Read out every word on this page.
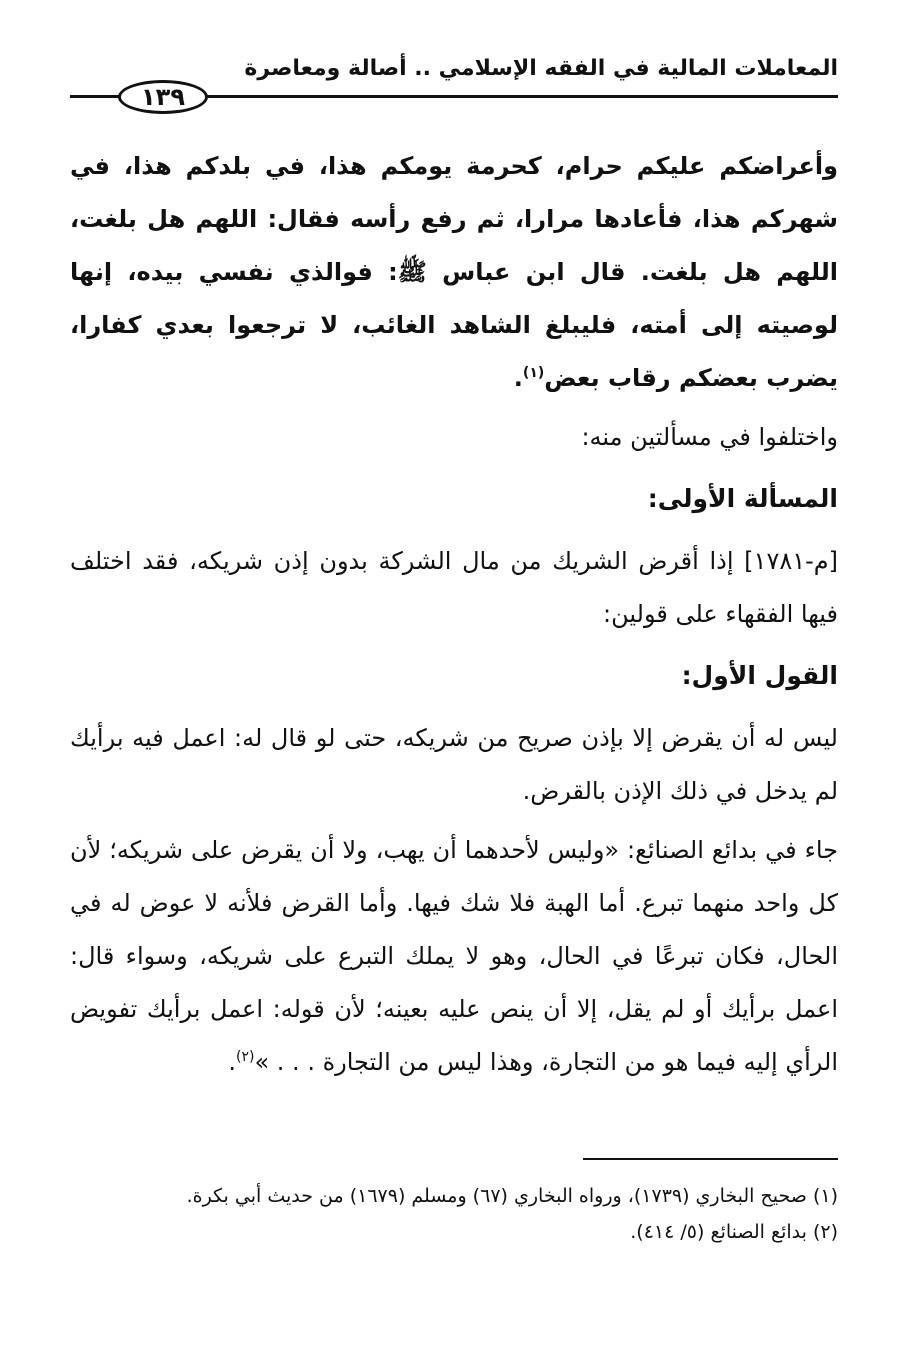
المعاملات المالية في الفقه الإسلامي .. أصالة ومعاصرة
١٣٩

وأعراضكم عليكم حرام، كحرمة يومكم هذا، في بلدكم هذا، في شهركم هذا، فأعادها مرارا، ثم رفع رأسه فقال: اللهم هل بلغت، اللهم هل بلغت. قال ابن عباس ﷺ: فوالذي نفسي بيده، إنها لوصيته إلى أمته، فليبلغ الشاهد الغائب، لا ترجعوا بعدي كفارا، يضرب بعضكم رقاب بعض$^{(١)}$.

واختلفوا في مسألتين منه:

المسألة الأولى:

[م-١٧٨١] إذا أقرض الشريك من مال الشركة بدون إذن شريكه، فقد اختلف فيها الفقهاء على قولين:

القول الأول:

ليس له أن يقرض إلا بإذن صريح من شريكه، حتى لو قال له: اعمل فيه برأيك لم يدخل في ذلك الإذن بالقرض.

جاء في بدائع الصنائع: «وليس لأحدهما أن يهب، ولا أن يقرض على شريكه؛ لأن كل واحد منهما تبرع. أما الهبة فلا شك فيها. وأما القرض فلأنه لا عوض له في الحال، فكان تبرعًا في الحال، وهو لا يملك التبرع على شريكه، وسواء قال: اعمل برأيك أو لم يقل، إلا أن ينص عليه بعينه؛ لأن قوله: اعمل برأيك تفويض الرأي إليه فيما هو من التجارة، وهذا ليس من التجارة . . . »$^{(٢)}$.

(١) صحيح البخاري (١٧٣٩)، ورواه البخاري (٦٧) ومسلم (١٦٧٩) من حديث أبي بكرة.

(٢) بدائع الصنائع (٥/ ٤١٤).
